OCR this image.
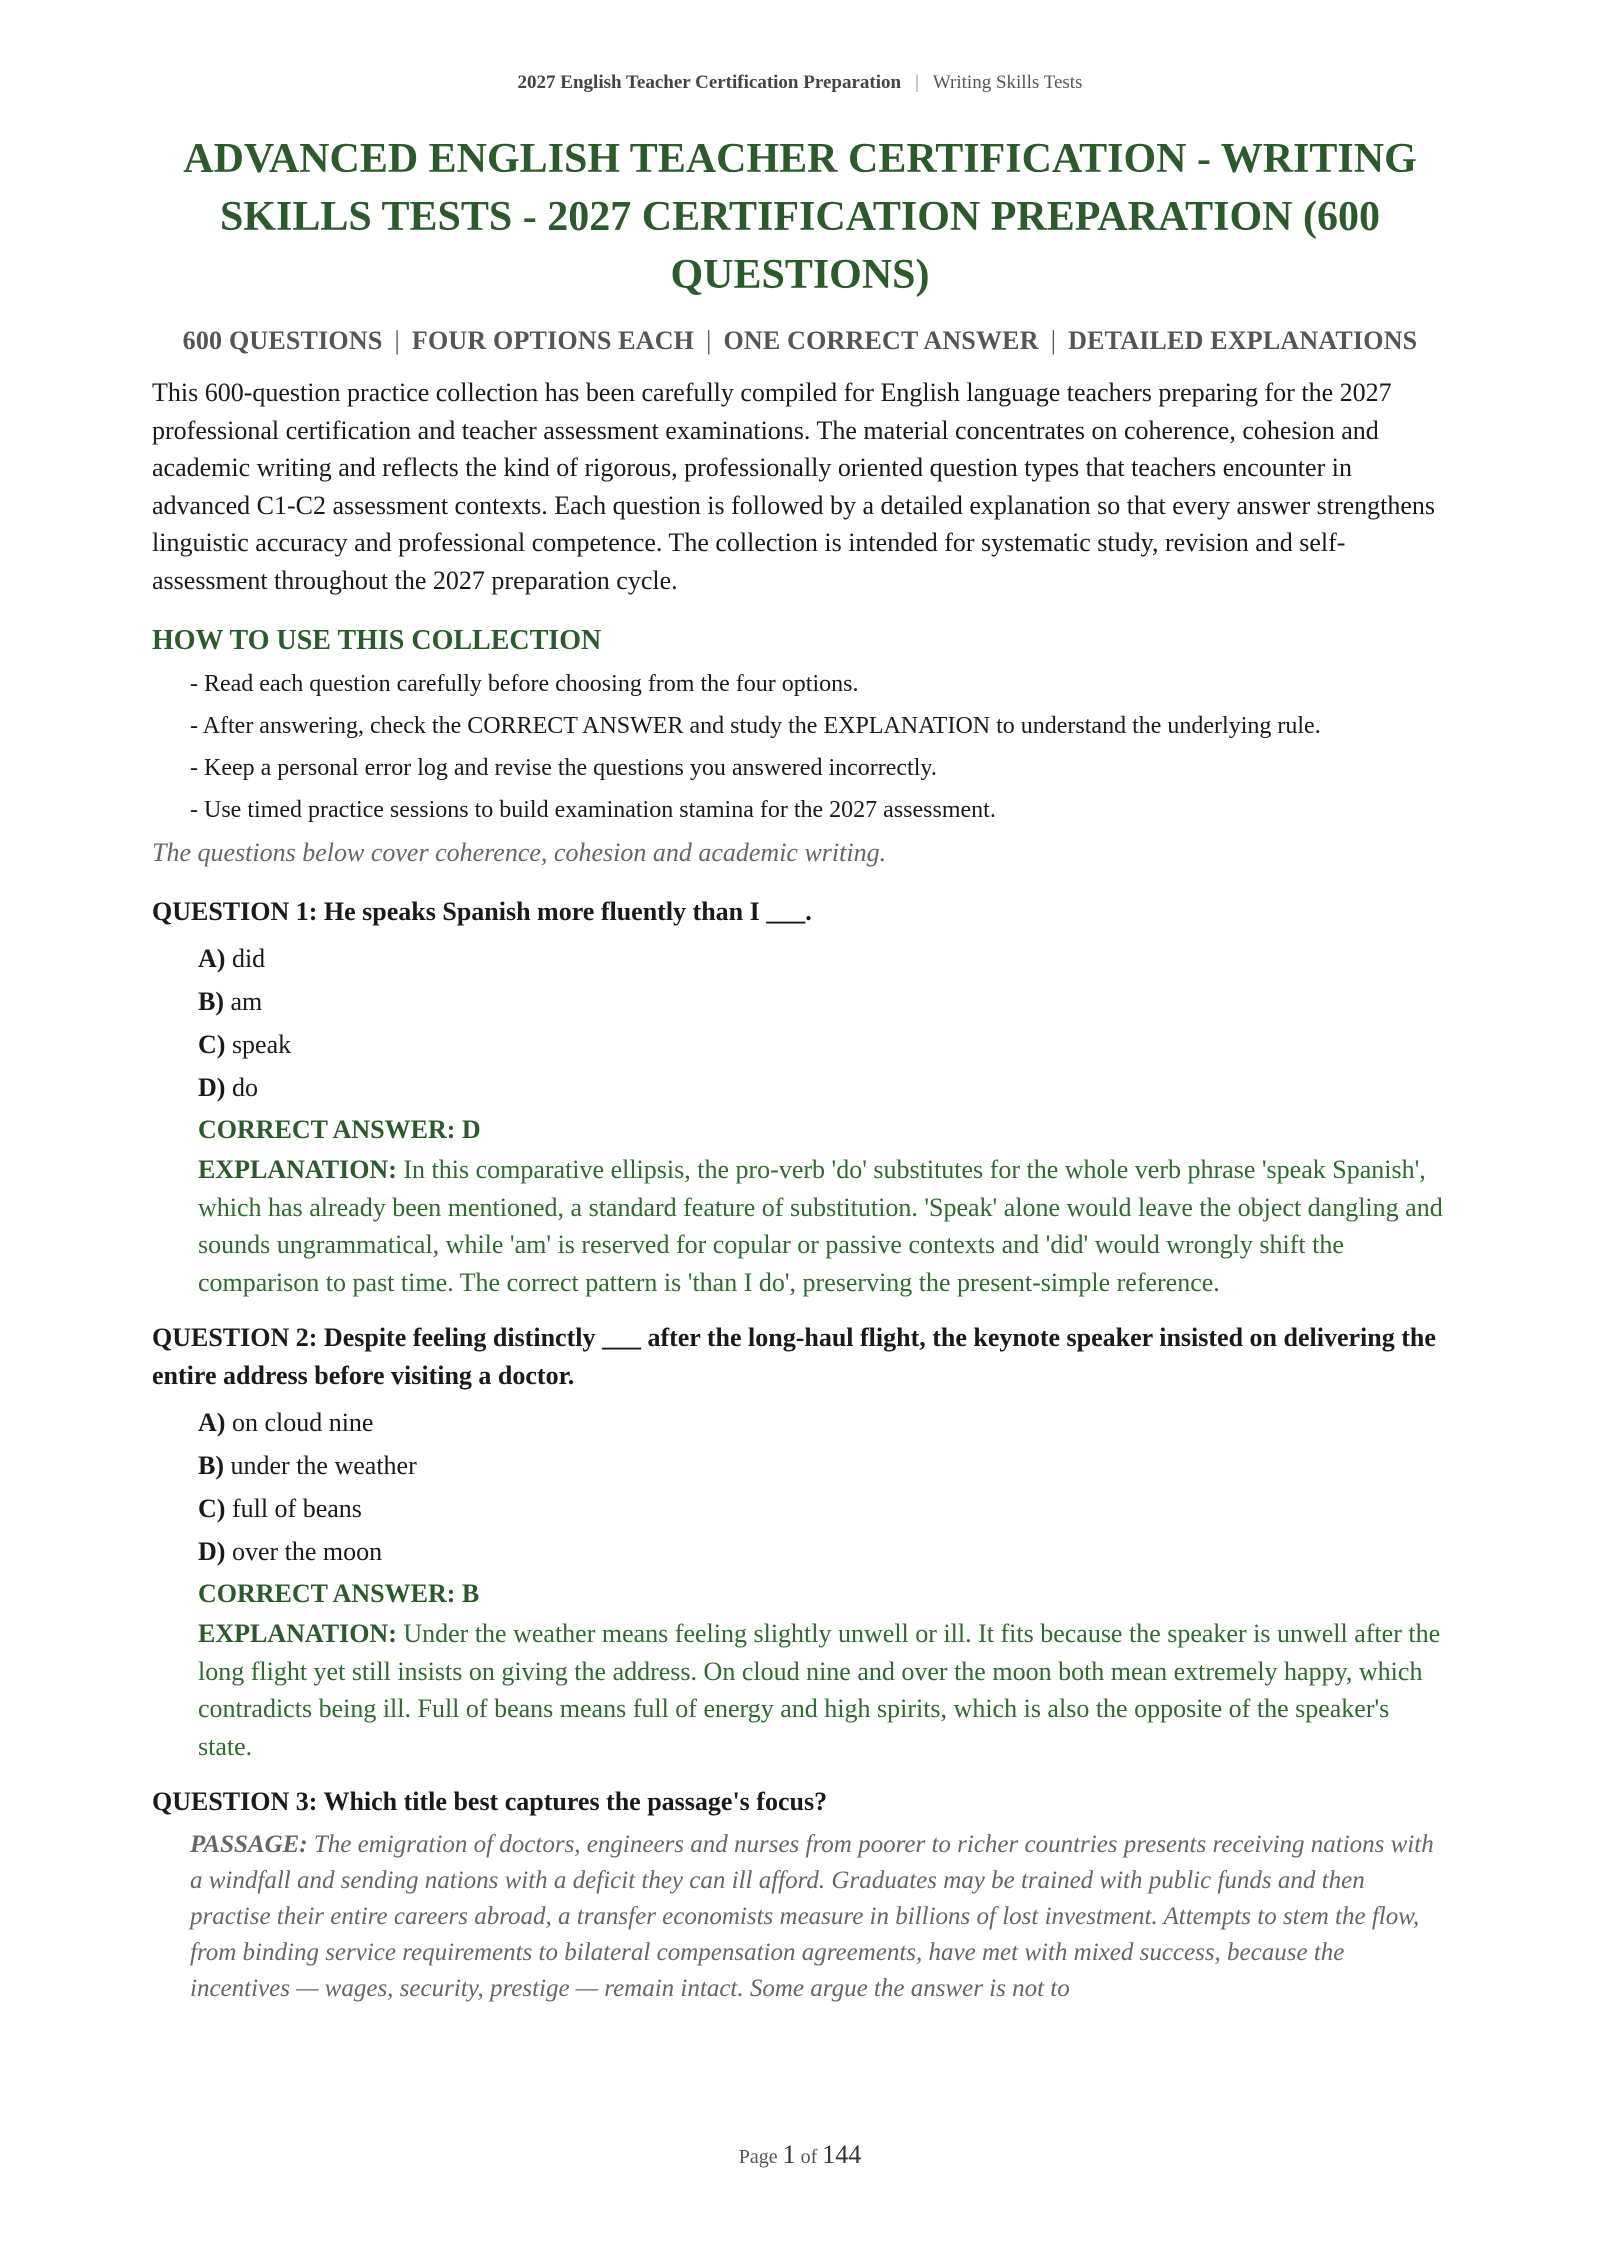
2027 English Teacher Certification Preparation | Writing Skills Tests
ADVANCED ENGLISH TEACHER CERTIFICATION - WRITING SKILLS TESTS - 2027 CERTIFICATION PREPARATION (600 QUESTIONS)
600 QUESTIONS | FOUR OPTIONS EACH | ONE CORRECT ANSWER | DETAILED EXPLANATIONS

This 600-question practice collection has been carefully compiled for English language teachers preparing for the 2027 professional certification and teacher assessment examinations. The material concentrates on coherence, cohesion and academic writing and reflects the kind of rigorous, professionally oriented question types that teachers encounter in advanced C1-C2 assessment contexts. Each question is followed by a detailed explanation so that every answer strengthens linguistic accuracy and professional competence. The collection is intended for systematic study, revision and self-assessment throughout the 2027 preparation cycle.

HOW TO USE THIS COLLECTION
- Read each question carefully before choosing from the four options.
- After answering, check the CORRECT ANSWER and study the EXPLANATION to understand the underlying rule.
- Keep a personal error log and revise the questions you answered incorrectly.
- Use timed practice sessions to build examination stamina for the 2027 assessment.

The questions below cover coherence, cohesion and academic writing.

QUESTION 1: He speaks Spanish more fluently than I ___.
A) did
B) am
C) speak
D) do
CORRECT ANSWER: D
EXPLANATION: In this comparative ellipsis, the pro-verb 'do' substitutes for the whole verb phrase 'speak Spanish', which has already been mentioned, a standard feature of substitution. 'Speak' alone would leave the object dangling and sounds ungrammatical, while 'am' is reserved for copular or passive contexts and 'did' would wrongly shift the comparison to past time. The correct pattern is 'than I do', preserving the present-simple reference.
QUESTION 2: Despite feeling distinctly ___ after the long-haul flight, the keynote speaker insisted on delivering the entire address before visiting a doctor.
A) on cloud nine
B) under the weather
C) full of beans
D) over the moon
CORRECT ANSWER: B
EXPLANATION: Under the weather means feeling slightly unwell or ill. It fits because the speaker is unwell after the long flight yet still insists on giving the address. On cloud nine and over the moon both mean extremely happy, which contradicts being ill. Full of beans means full of energy and high spirits, which is also the opposite of the speaker's state.
QUESTION 3: Which title best captures the passage's focus?
PASSAGE: The emigration of doctors, engineers and nurses from poorer to richer countries presents receiving nations with a windfall and sending nations with a deficit they can ill afford. Graduates may be trained with public funds and then practise their entire careers abroad, a transfer economists measure in billions of lost investment. Attempts to stem the flow, from binding service requirements to bilateral compensation agreements, have met with mixed success, because the incentives — wages, security, prestige — remain intact. Some argue the answer is not to
Page 1 of 144
